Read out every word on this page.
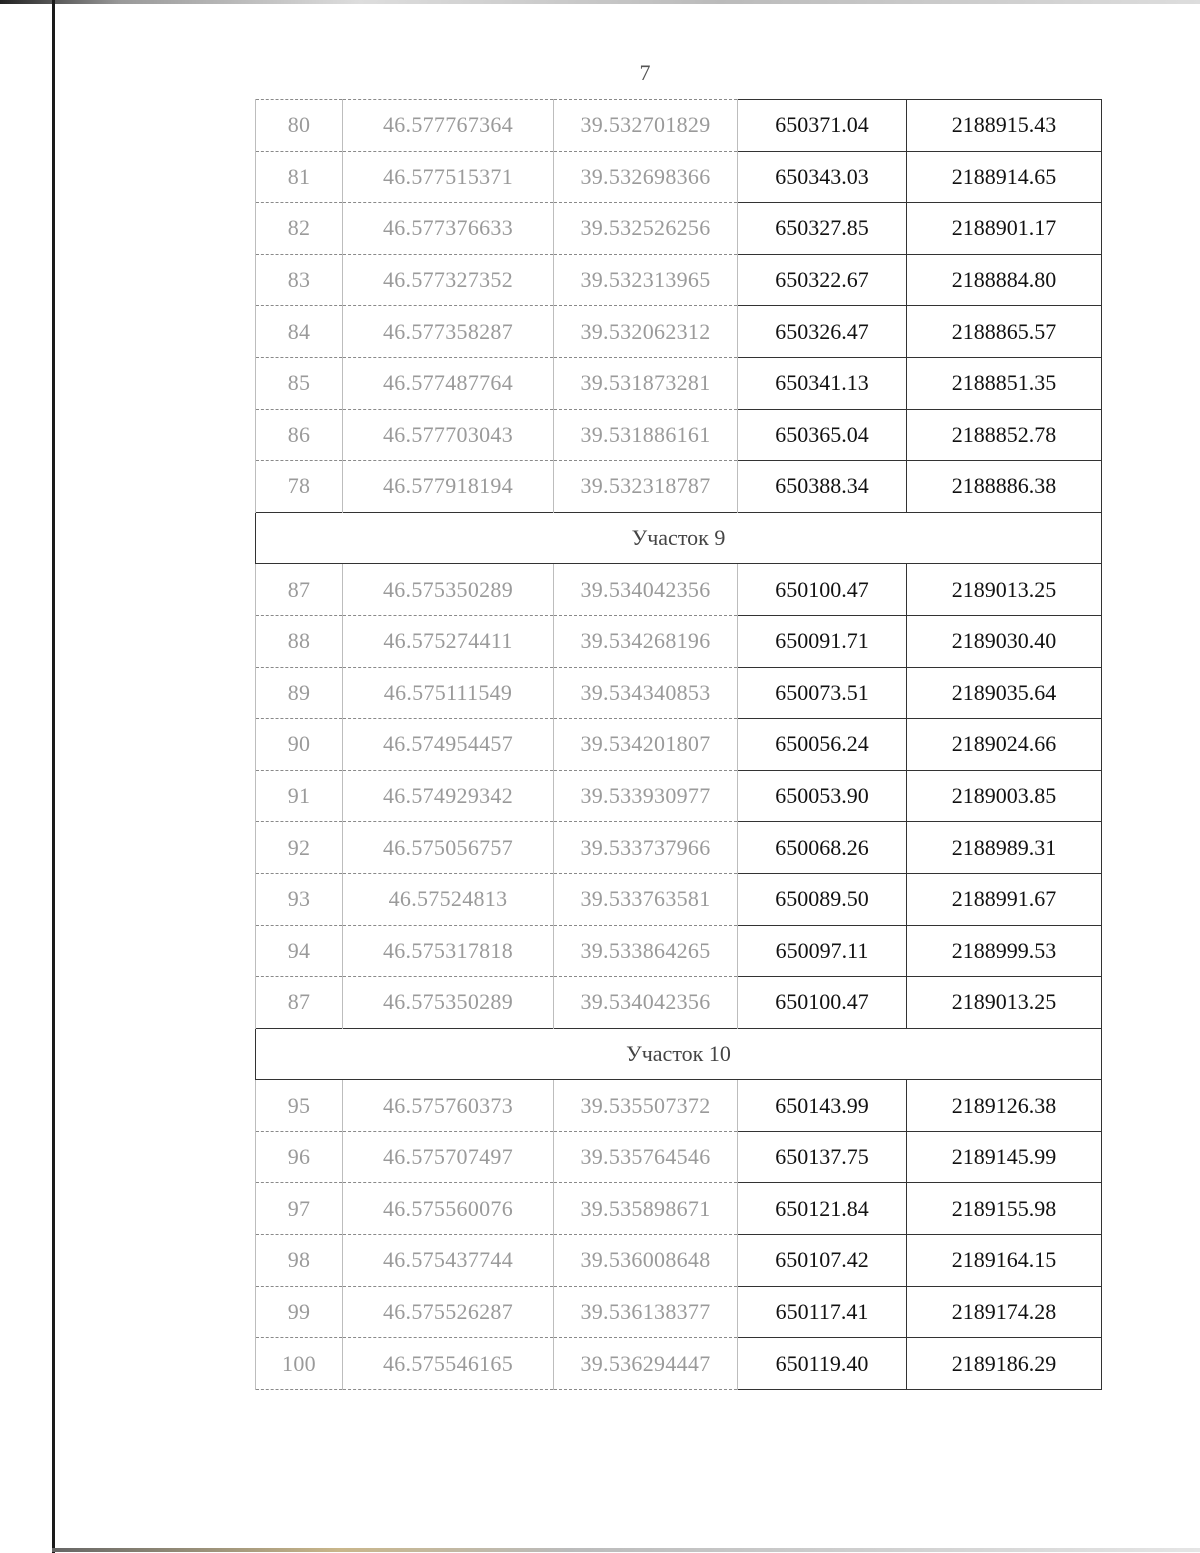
7
80	46.577767364	39.532701829	650371.04	2188915.43
81	46.577515371	39.532698366	650343.03	2188914.65
82	46.577376633	39.532526256	650327.85	2188901.17
83	46.577327352	39.532313965	650322.67	2188884.80
84	46.577358287	39.532062312	650326.47	2188865.57
85	46.577487764	39.531873281	650341.13	2188851.35
86	46.577703043	39.531886161	650365.04	2188852.78
78	46.577918194	39.532318787	650388.34	2188886.38
Участок 9				
87	46.575350289	39.534042356	650100.47	2189013.25
88	46.575274411	39.534268196	650091.71	2189030.40
89	46.575111549	39.534340853	650073.51	2189035.64
90	46.574954457	39.534201807	650056.24	2189024.66
91	46.574929342	39.533930977	650053.90	2189003.85
92	46.575056757	39.533737966	650068.26	2188989.31
93	46.57524813	39.533763581	650089.50	2188991.67
94	46.575317818	39.533864265	650097.11	2188999.53
87	46.575350289	39.534042356	650100.47	2189013.25
Участок 10				
95	46.575760373	39.535507372	650143.99	2189126.38
96	46.575707497	39.535764546	650137.75	2189145.99
97	46.575560076	39.535898671	650121.84	2189155.98
98	46.575437744	39.536008648	650107.42	2189164.15
99	46.575526287	39.536138377	650117.41	2189174.28
100	46.575546165	39.536294447	650119.40	2189186.29
